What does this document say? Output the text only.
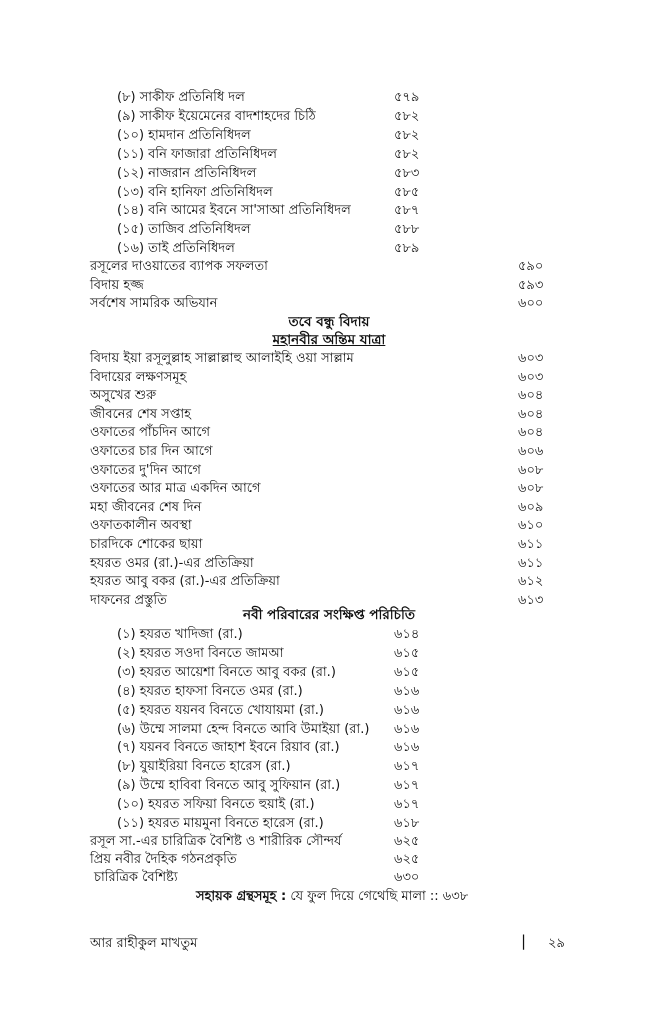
তবে বন্ধু বিদায়
মহানবীর অন্তিম যাত্রা
নবী পরিবারের সংক্ষিপ্ত পরিচিতি
সহায়ক গ্রন্থসমূহ : যে ফুল দিয়ে গেথেছি মালা :: ৬৩৮
আর রাহীকুল মাখতুম	| ২৯
(৮) সাকীফ প্রতিনিধি দল	৫৭৯
(৯) সাকীফ ইয়েমেনের বাদশাহদের চিঠি	৫৮২
(১০) হামদান প্রতিনিধিদল	৫৮২
(১১) বনি ফাজারা প্রতিনিধিদল	৫৮২
(১২) নাজরান প্রতিনিধিদল	৫৮৩
(১৩) বনি হানিফা প্রতিনিধিদল	৫৮৫
(১৪) বনি আমের ইবনে সা'সাআ প্রতিনিধিদল	৫৮৭
(১৫) তাজিব প্রতিনিধিদল	৫৮৮
(১৬) তাই প্রতিনিধিদল	৫৮৯
রসূলের দাওয়াতের ব্যাপক সফলতা	৫৯০
বিদায় হজ্জ	৫৯৩
সর্বশেষ সামরিক অভিযান	৬০০
বিদায় ইয়া রসূলুল্লাহ সাল্লাল্লাহু আলাইহি ওয়া সাল্লাম	৬০৩
বিদায়ের লক্ষণসমূহ	৬০৩
অসুখের শুরু	৬০৪
জীবনের শেষ সপ্তাহ	৬০৪
ওফাতের পাঁচদিন আগে	৬০৪
ওফাতের চার দিন আগে	৬০৬
ওফাতের দু'দিন আগে	৬০৮
ওফাতের আর মাত্র একদিন আগে	৬০৮
মহা জীবনের শেষ দিন	৬০৯
ওফাতকালীন অবস্থা	৬১০
চারদিকে শোকের ছায়া	৬১১
হযরত ওমর (রা.)-এর প্রতিক্রিয়া	৬১১
হযরত আবু বকর (রা.)-এর প্রতিক্রিয়া	৬১২
দাফনের প্রস্তুতি	৬১৩
(১) হযরত খাদিজা (রা.)	৬১৪
(২) হযরত সওদা বিনতে জামআ	৬১৫
(৩) হযরত আয়েশা বিনতে আবু বকর (রা.)	৬১৫
(৪) হযরত হাফসা বিনতে ওমর (রা.)	৬১৬
(৫) হযরত যয়নব বিনতে খোযায়মা (রা.)	৬১৬
(৬) উম্মে সালমা হেন্দ বিনতে আবি উমাইয়া (রা.) ৬১৬
(৭) যয়নব বিনতে জাহাশ ইবনে রিয়াব (রা.)	৬১৬
(৮) যুয়াইরিয়া বিনতে হারেস (রা.)	৬১৭
(৯) উম্মে হাবিবা বিনতে আবু সুফিয়ান (রা.)	৬১৭
(১০) হযরত সফিয়া বিনতে হুয়াই (রা.)	৬১৭
(১১) হযরত মায়মুনা বিনতে হারেস (রা.)	৬১৮
রসূল সা.-এর চারিত্রিক বৈশিষ্ট ও শারীরিক সৌন্দর্য	৬২৫
প্রিয় নবীর দৈহিক গঠনপ্রকৃতি	৬২৫
চারিত্রিক বৈশিষ্ট্য	৬৩০
